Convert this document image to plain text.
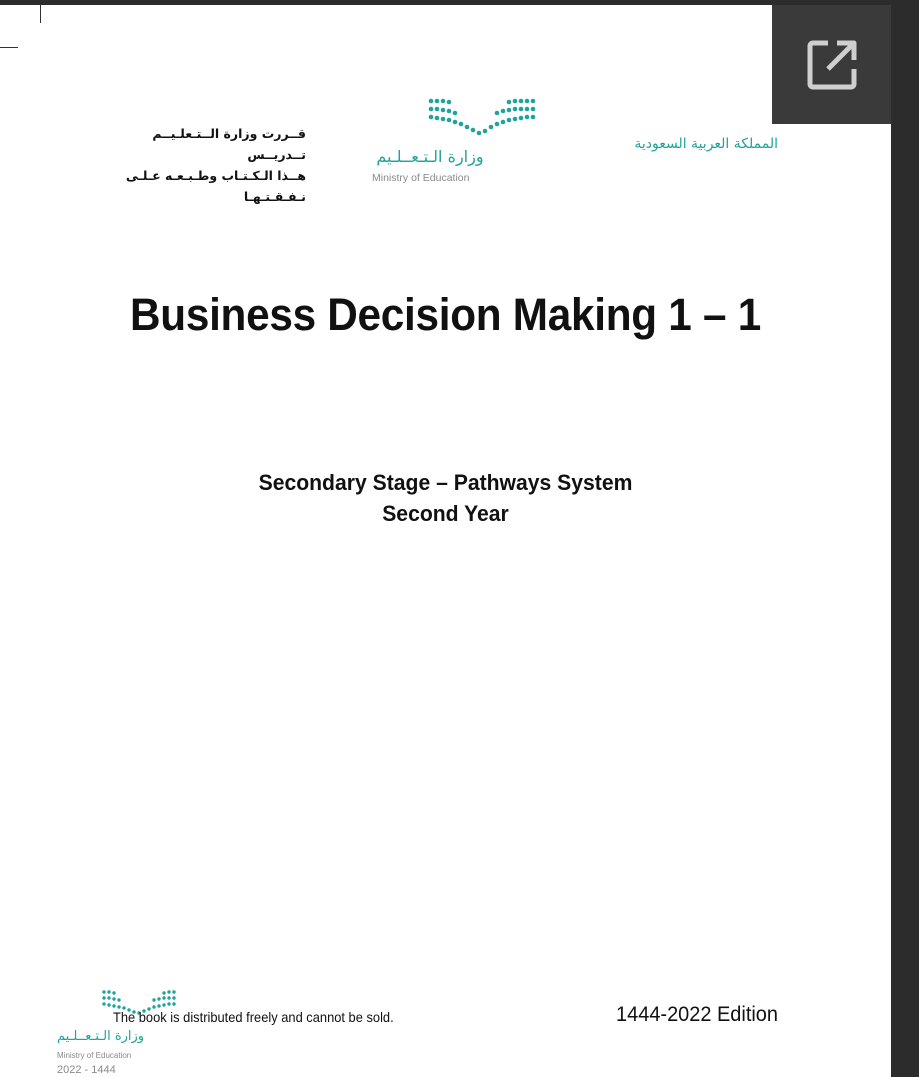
قــررت وزارة الــتـعلـيــم تــدريــس
هــذا الـكـتـاب وطـبـعـه عـلـى نـفـقـتـهـا
وزارة الـتـعــلـيم
Ministry of Education
المملكة العربية السعودية
Business Decision Making 1 – 1
Secondary Stage – Pathways System
Second Year
وزارة الـتـعــلـيم
Ministry of Education
2022 - 1444
The book is distributed freely and cannot be sold.	1444-2022 Edition
